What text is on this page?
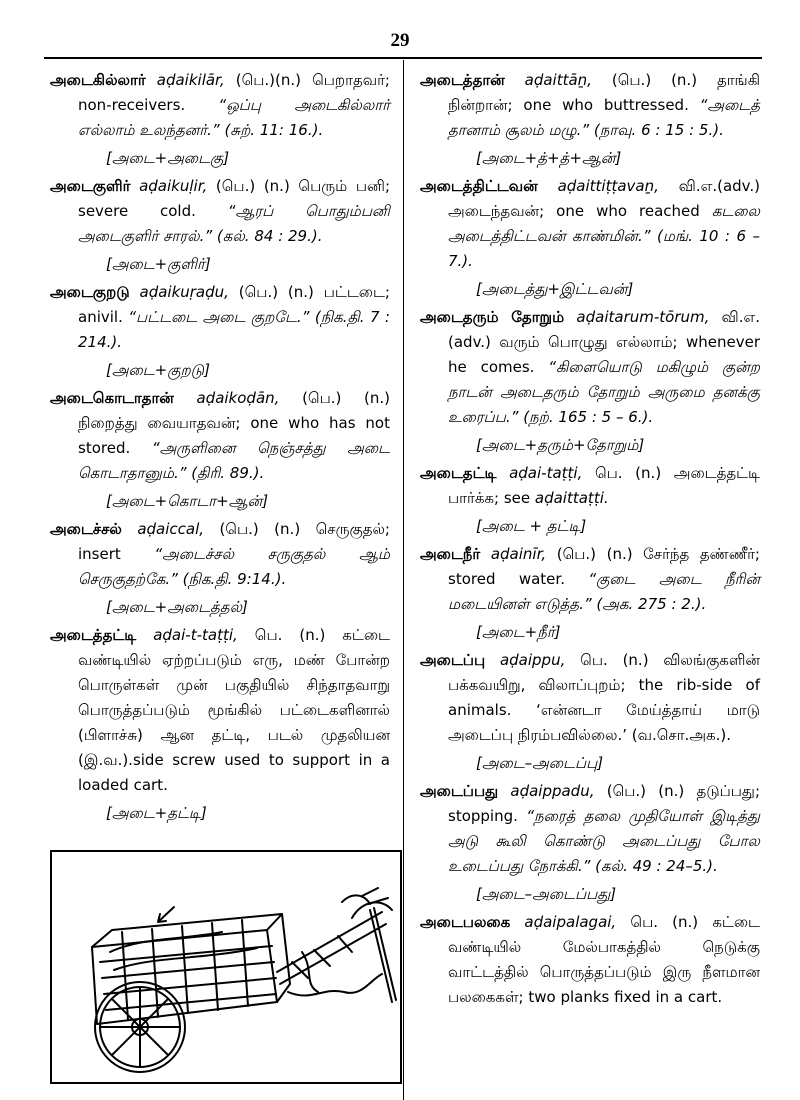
29
அடைகில்லார் aḍaikilār, (பெ.)(n.) பெறாதவர்; non-receivers. “ஒப்பு அடைகில்லார் எல்லாம் உலந்தனர்.” (சுற். 11: 16.).
[அடை+அடைகு]
அடைகுளிர் aḍaikuḷir, (பெ.) (n.) பெரும் பனி; severe cold. “ஆரப் பொதும்பனி அடைகுளிர் சாரல்.” (கல். 84 : 29.).
[அடை+குளிர்]
அடைகுறடு aḍaikuṛaḍu, (பெ.) (n.) பட்டடை; anivil. “பட்டடை அடை குறடே.” (நிக.தி. 7 : 214.).
[அடை+குறடு]
அடைகொடாதான் aḍaikoḍān, (பெ.) (n.) நிறைத்து வையாதவன்; one who has not stored. “அருளினை நெஞ்சத்து அடை கொடாதானும்.” (திரி. 89.).
[அடை+கொடா+ஆன்]
அடைச்சல் aḍaiccal, (பெ.) (n.) செருகுதல்; insert “அடைச்சல் சருகுதல் ஆம் செருகுதற்கே.” (நிக.தி. 9:14.).
[அடை+அடைத்தல்]
அடைத்தட்டி aḍai-t-taṭṭi, பெ. (n.) கட்டை வண்டியில் ஏற்றப்படும் எரு, மண் போன்ற பொருள்கள் முன் பகுதியில் சிந்தாதவாறு பொருத்தப்படும் மூங்கில் பட்டைகளினால் (பிளாச்சு) ஆன தட்டி, படல் முதலியன (இ.வ.).side screw used to support in a loaded cart.
[அடை+தட்டி]
அடைத்தான் aḍaittāṉ, (பெ.) (n.) தாங்கி நின்றான்; one who buttressed. “அடைத் தானாம் சூலம் மழு.” (நாவு. 6 : 15 : 5.).
[அடை+த்+த்+ஆன்]
அடைத்திட்டவன் aḍaittiṭṭavaṉ, வி.எ.(adv.) அடைந்தவன்; one who reached கடலை அடைத்திட்டவன் காண்மின்.” (மங். 10 : 6 – 7.).
[அடைத்து+இட்டவன்]
அடைதரும் தோறும் aḍaitarum-tōrum, வி.எ. (adv.) வரும் பொழுது எல்லாம்; whenever he comes. “கிளையொடு மகிழும் குன்ற நாடன் அடைதரும் தோறும் அருமை தனக்கு உரைப்ப.” (நற். 165 : 5 – 6.).
[அடை+தரும்+தோறும்]
அடைதட்டி aḍai-taṭṭi, பெ. (n.) அடைத்தட்டி பார்க்க; see aḍaittaṭṭi.
[அடை + தட்டி]
அடைநீர் aḍainīr, (பெ.) (n.) சேர்ந்த தண்ணீர்; stored water. “குடை அடை நீரின் மடையினள் எடுத்த.” (அக. 275 : 2.).
[அடை+நீர்]
அடைப்பு aḍaippu, பெ. (n.) விலங்குகளின் பக்கவயிறு, விலாப்புறம்; the rib-side of animals. ‘என்னடா மேய்த்தாய் மாடு அடைப்பு நிரம்பவில்லை.’ (வ.சொ.அக.).
[அடை–அடைப்பு]
அடைப்பது aḍaippadu, (பெ.) (n.) தடுப்பது; stopping. “நரைத் தலை முதியோள் இடித்து அடு கூலி கொண்டு அடைப்பது போல உடைப்பது நோக்கி.” (கல். 49 : 24–5.).
[அடை–அடைப்பது]
அடைபலகை aḍaipalagai, பெ. (n.) கட்டை வண்டியில் மேல்பாகத்தில் நெடுக்கு வாட்டத்தில் பொருத்தப்படும் இரு நீளமான பலகைகள்; two planks fixed in a cart.
